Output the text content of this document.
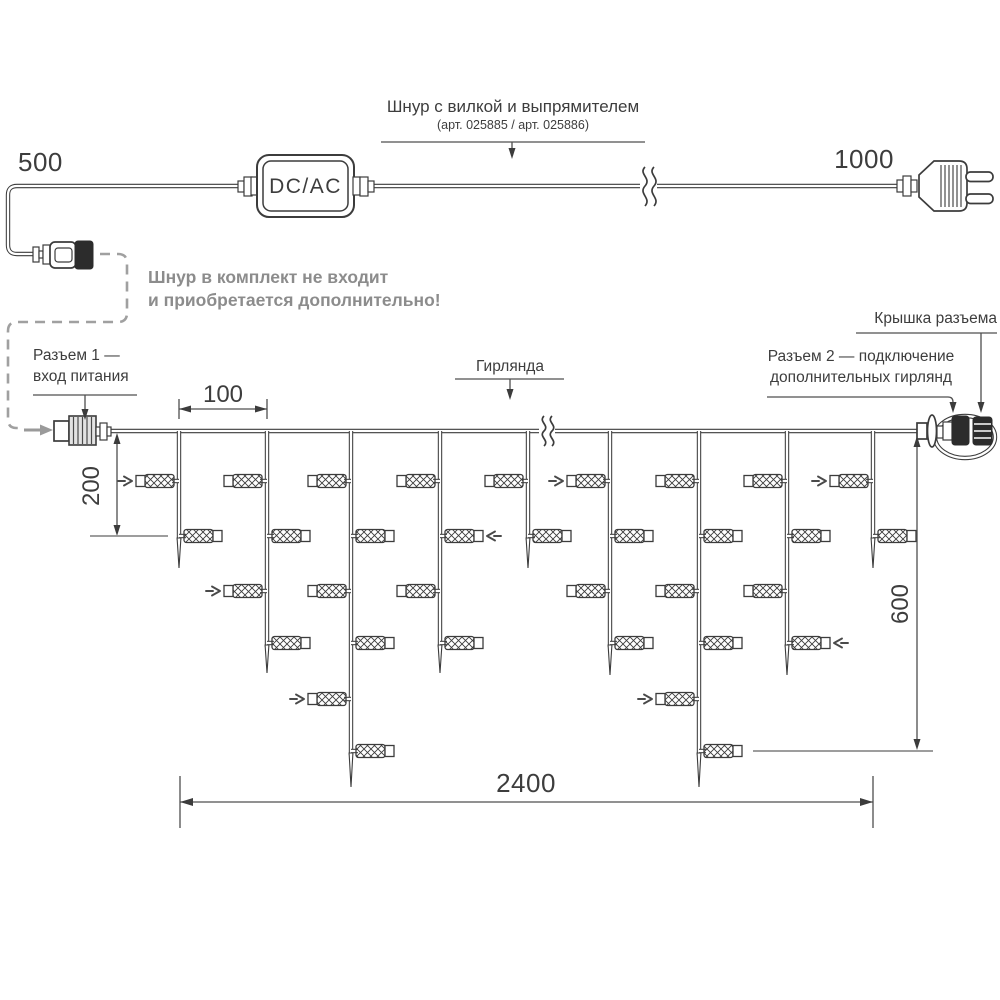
Шнур с вилкой и выпрямителем
(арт. 025885 / арт. 025886)
500	1000
DC/AC
Шнур в комплект не входит
и приобретается дополнительно!
Разъем 1 —
вход питания
Гирлянда
Крышка разъема
Разъем 2 — подключение
дополнительных гирлянд
100
200
600
2400
